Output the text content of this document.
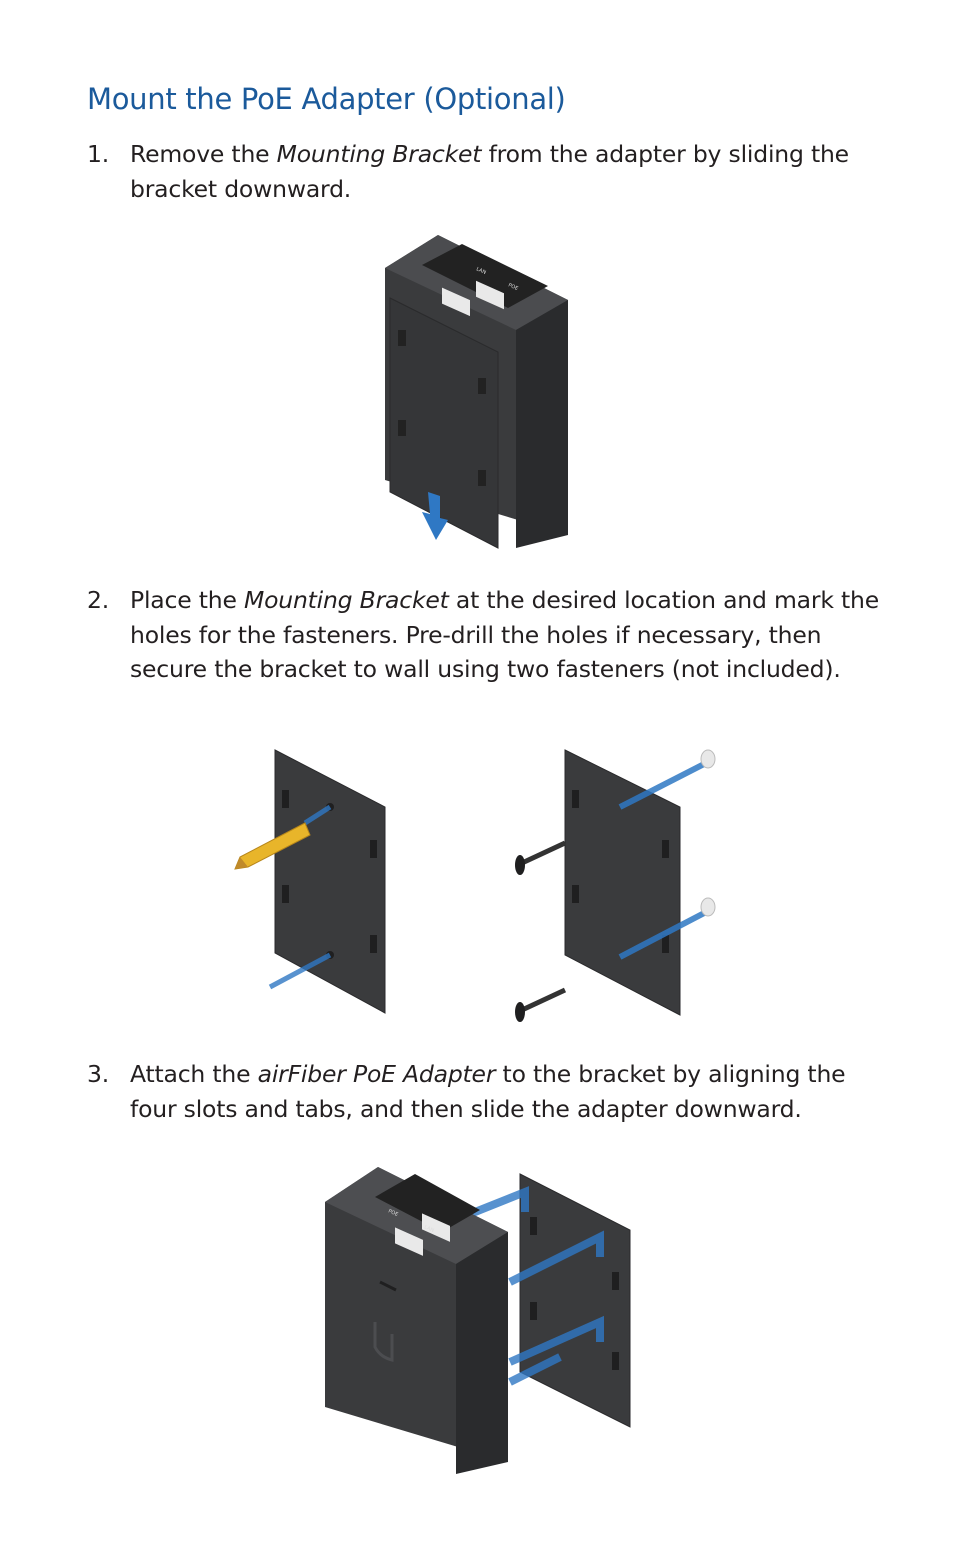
Mount the PoE Adapter (Optional)
1. Remove the Mounting Bracket from the adapter by sliding the bracket downward.
LAN
POE
2. Place the Mounting Bracket at the desired location and mark the holes for the fasteners. Pre-drill the holes if necessary, then secure the bracket to wall using two fasteners (not included).
3. Attach the airFiber PoE Adapter to the bracket by aligning the four slots and tabs, and then slide the adapter downward.
POE
LAN
